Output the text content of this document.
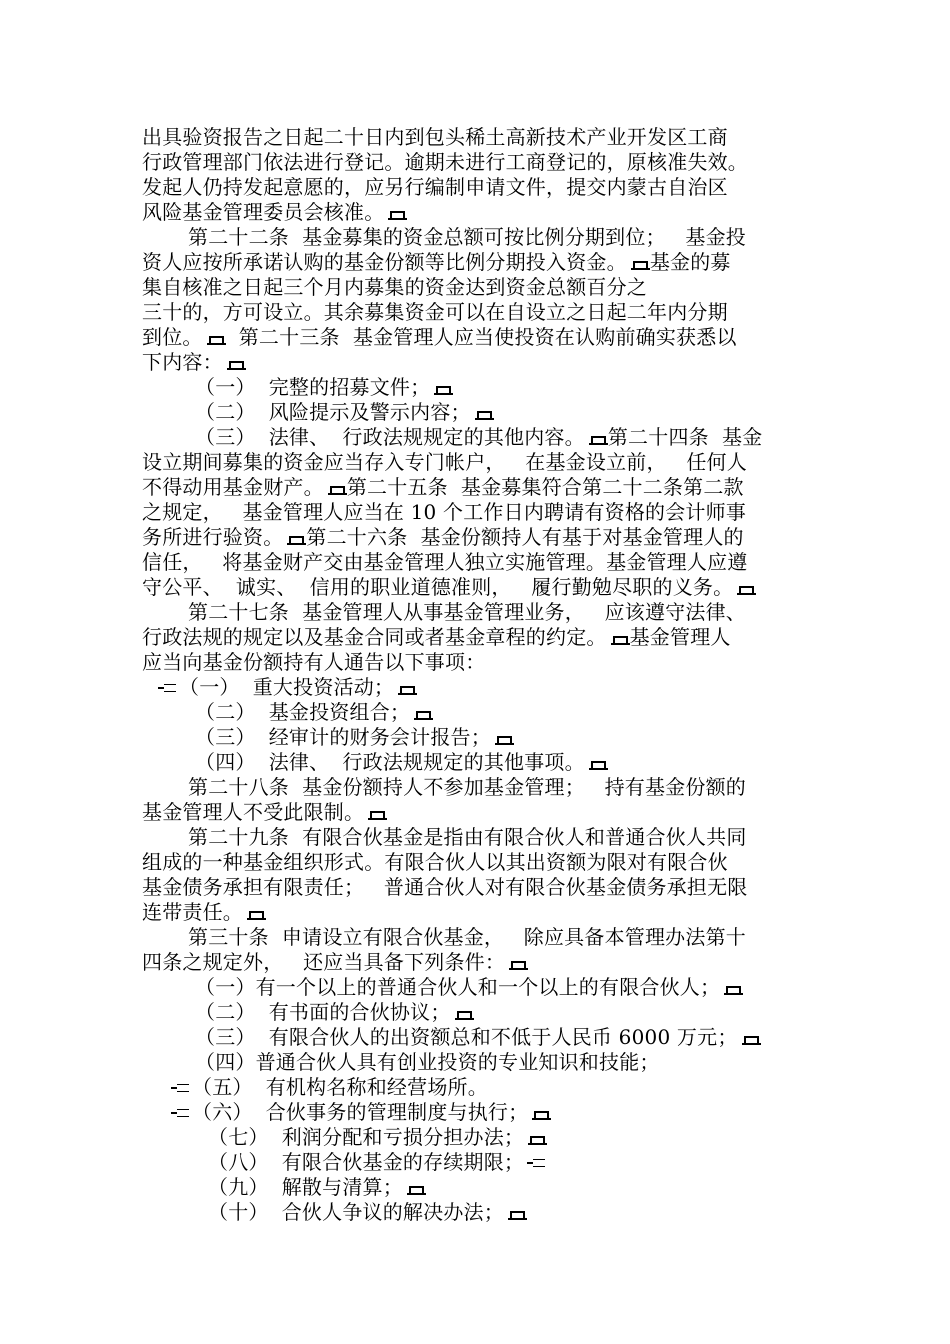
出具验资报告之日起二十日内到包头稀土高新技术产业开发区工商
行政管理部门依法进行登记。逾期未进行工商登记的，原核准失效。
发起人仍持发起意愿的，应另行编制申请文件，提交内蒙古自治区
风险基金管理委员会核准。
第二十二条  基金募集的资金总额可按比例分期到位；   基金投
资人应按所承诺认购的基金份额等比例分期投入资金。 基金的募
集自核准之日起三个月内募集的资金达到资金总额百分之
三十的，方可设立。其余募集资金可以在自设立之日起二年内分期
到位。  第二十三条  基金管理人应当使投资在认购前确实获悉以
下内容：
（一）  完整的招募文件；
（二）  风险提示及警示内容；
（三）  法律、  行政法规规定的其他内容。 第二十四条  基金
设立期间募集的资金应当存入专门帐户，   在基金设立前，   任何人
不得动用基金财产。 第二十五条  基金募集符合第二十二条第二款
之规定，   基金管理人应当在 10 个工作日内聘请有资格的会计师事
务所进行验资。 第二十六条  基金份额持人有基于对基金管理人的
信任，   将基金财产交由基金管理人独立实施管理。基金管理人应遵
守公平、  诚实、  信用的职业道德准则，   履行勤勉尽职的义务。
第二十七条  基金管理人从事基金管理业务，   应该遵守法律、
行政法规的规定以及基金合同或者基金章程的约定。 基金管理人
应当向基金份额持有人通告以下事项：
（一）  重大投资活动；
（二）  基金投资组合；
（三）  经审计的财务会计报告；
（四）  法律、  行政法规规定的其他事项。
第二十八条  基金份额持人不参加基金管理；   持有基金份额的
基金管理人不受此限制。
第二十九条  有限合伙基金是指由有限合伙人和普通合伙人共同
组成的一种基金组织形式。有限合伙人以其出资额为限对有限合伙
基金债务承担有限责任；   普通合伙人对有限合伙基金债务承担无限
连带责任。
第三十条  申请设立有限合伙基金，   除应具备本管理办法第十
四条之规定外，   还应当具备下列条件：
（一）有一个以上的普通合伙人和一个以上的有限合伙人；
（二）  有书面的合伙协议；
（三）  有限合伙人的出资额总和不低于人民币 6000 万元；
（四）普通合伙人具有创业投资的专业知识和技能；
（五）  有机构名称和经营场所。
（六）  合伙事务的管理制度与执行；
（七）  利润分配和亏损分担办法；
（八）  有限合伙基金的存续期限；
（九）  解散与清算；
（十）  合伙人争议的解决办法；
